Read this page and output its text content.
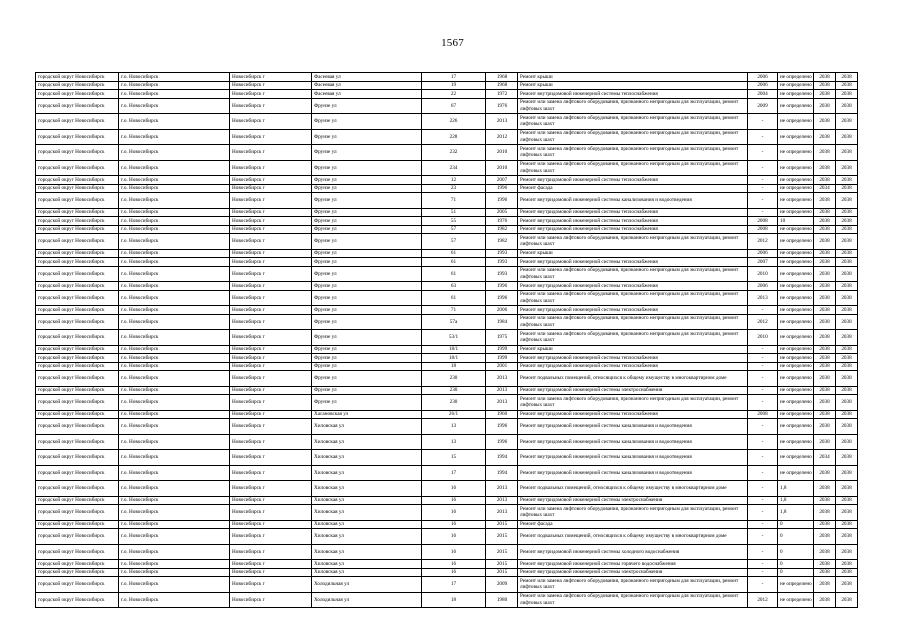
1567
городской округ Новосибирск	г.о. Новосибирск	Новосибирск г	Фасеевая ул	17	1968	Ремонт крыши	2006	не определено	2038	2038
городской округ Новосибирск	г.о. Новосибирск	Новосибирск г	Фасеевая ул	19	1968	Ремонт крыши	2006	не определено	2038	2038
городской округ Новосибирск	г.о. Новосибирск	Новосибирск г	Фасеевая ул	22	1972	Ремонт внутридомовой инженерной системы теплоснабжения	2004	не определено	2038	2038
городской округ Новосибирск	г.о. Новосибирск	Новосибирск г	Фрунзе ул	67	1976	Ремонт или замена лифтового оборудования, признанного непригодным для эксплуатации, ремонт лифтовых шахт	2009	не определено	2038	2038
городской округ Новосибирск	г.о. Новосибирск	Новосибирск г	Фрунзе ул	226	2013	Ремонт или замена лифтового оборудования, признанного непригодным для эксплуатации, ремонт лифтовых шахт	-	не определено	2038	2038
городской округ Новосибирск	г.о. Новосибирск	Новосибирск г	Фрунзе ул	228	2012	Ремонт или замена лифтового оборудования, признанного непригодным для эксплуатации, ремонт лифтовых шахт	-	не определено	2038	2038
городской округ Новосибирск	г.о. Новосибирск	Новосибирск г	Фрунзе ул	232	2010	Ремонт или замена лифтового оборудования, признанного непригодным для эксплуатации, ремонт лифтовых шахт	-	не определено	2038	2038
городской округ Новосибирск	г.о. Новосибирск	Новосибирск г	Фрунзе ул	234	2010	Ремонт или замена лифтового оборудования, признанного непригодным для эксплуатации, ремонт лифтовых шахт	-	не определено	2038	2038
городской округ Новосибирск	г.о. Новосибирск	Новосибирск г	Фрунзе ул	12	2007	Ремонт внутридомовой инженерной системы теплоснабжения	-	не определено	2038	2038
городской округ Новосибирск	г.о. Новосибирск	Новосибирск г	Фрунзе ул	23	1996	Ремонт фасада	-	не определено	2034	2038
городской округ Новосибирск	г.о. Новосибирск	Новосибирск г	Фрунзе ул	71	1996	Ремонт внутридомовой инженерной системы канализования и водоотведения	-	не определено	2038	2038
городской округ Новосибирск	г.о. Новосибирск	Новосибирск г	Фрунзе ул	51	2005	Ремонт внутридомовой инженерной системы теплоснабжения	-	не определено	2038	2038
городской округ Новосибирск	г.о. Новосибирск	Новосибирск г	Фрунзе ул	55	1976	Ремонт внутридомовой инженерной системы теплоснабжения	2008	10	2038	2038
городской округ Новосибирск	г.о. Новосибирск	Новосибирск г	Фрунзе ул	57	1982	Ремонт внутридомовой инженерной системы теплоснабжения	2008	не определено	2038	2038
городской округ Новосибирск	г.о. Новосибирск	Новосибирск г	Фрунзе ул	57	1982	Ремонт или замена лифтового оборудования, признанного непригодным для эксплуатации, ремонт лифтовых шахт	2012	не определено	2038	2038
городской округ Новосибирск	г.о. Новосибирск	Новосибирск г	Фрунзе ул	61	1993	Ремонт крыши	2006	не определено	2038	2038
городской округ Новосибирск	г.о. Новосибирск	Новосибирск г	Фрунзе ул	61	1993	Ремонт внутридомовой инженерной системы теплоснабжения	2007	не определено	2038	2038
городской округ Новосибирск	г.о. Новосибирск	Новосибирск г	Фрунзе ул	61	1993	Ремонт или замена лифтового оборудования, признанного непригодным для эксплуатации, ремонт лифтовых шахт	2010	не определено	2038	2038
городской округ Новосибирск	г.о. Новосибирск	Новосибирск г	Фрунзе ул	63	1996	Ремонт внутридомовой инженерной системы теплоснабжения	2006	не определено	2038	2038
городской округ Новосибирск	г.о. Новосибирск	Новосибирск г	Фрунзе ул	61	1996	Ремонт или замена лифтового оборудования, признанного непригодным для эксплуатации, ремонт лифтовых шахт	2013	не определено	2038	2038
городской округ Новосибирск	г.о. Новосибирск	Новосибирск г	Фрунзе ул	71	2006	Ремонт внутридомовой инженерной системы теплоснабжения	-	не определено	2038	2038
городской округ Новосибирск	г.о. Новосибирск	Новосибирск г	Фрунзе ул	57а	1984	Ремонт или замена лифтового оборудования, признанного непригодным для эксплуатации, ремонт лифтовых шахт	2012	не определено	2038	2038
городской округ Новосибирск	г.о. Новосибирск	Новосибирск г	Фрунзе ул	53/1	1975	Ремонт или замена лифтового оборудования, признанного непригодным для эксплуатации, ремонт лифтовых шахт	2010	не определено	2038	2038
городской округ Новосибирск	г.о. Новосибирск	Новосибирск г	Фрунзе ул	18/1	1999	Ремонт крыши	-	не определено	2038	2038
городской округ Новосибирск	г.о. Новосибирск	Новосибирск г	Фрунзе ул	18/1	1999	Ремонт внутридомовой инженерной системы теплоснабжения	-	не определено	2038	2038
городской округ Новосибирск	г.о. Новосибирск	Новосибирск г	Фрунзе ул	18	2001	Ремонт внутридомовой инженерной системы теплоснабжения	-	не определено	2038	2038
городской округ Новосибирск	г.о. Новосибирск	Новосибирск г	Фрунзе ул	230	2013	Ремонт подвальных помещений, относящихся к общему имуществу в многоквартирном доме	-	не определено	2038	2038
городской округ Новосибирск	г.о. Новосибирск	Новосибирск г	Фрунзе ул	230	2013	Ремонт внутридомовой инженерной системы электроснабжения	-	не определено	2038	2038
городской округ Новосибирск	г.о. Новосибирск	Новосибирск г	Фрунзе ул	230	2013	Ремонт или замена лифтового оборудования, признанного непригодным для эксплуатации, ремонт лифтовых шахт	-	не определено	2038	2038
городской округ Новосибирск	г.о. Новосибирск	Новосибирск г	Хасановская ул	26/1	1960	Ремонт внутридомовой инженерной системы теплоснабжения	2008	не определено	2038	2038
городской округ Новосибирск	г.о. Новосибирск	Новосибирск г	Хиловская ул	13	1996	Ремонт внутридомовой инженерной системы канализования и водоотведения	-	не определено	2038	2038
городской округ Новосибирск	г.о. Новосибирск	Новосибирск г	Хиловская ул	13	1996	Ремонт внутридомовой инженерной системы канализования и водоотведения	-	не определено	2038	2038
городской округ Новосибирск	г.о. Новосибирск	Новосибирск г	Хиловская ул	15	1994	Ремонт внутридомовой инженерной системы канализования и водоотведения	-	не определено	2034	2038
городской округ Новосибирск	г.о. Новосибирск	Новосибирск г	Хиловская ул	17	1994	Ремонт внутридомовой инженерной системы канализования и водоотведения	-	не определено	2038	2038
городской округ Новосибирск	г.о. Новосибирск	Новосибирск г	Хиловская ул	16	2013	Ремонт подвальных помещений, относящихся к общему имуществу в многоквартирном доме	-	1,8	2038	2038
городской округ Новосибирск	г.о. Новосибирск	Новосибирск г	Хиловская ул	16	2013	Ремонт внутридомовой инженерной системы электроснабжения	-	1,8	2038	2038
городской округ Новосибирск	г.о. Новосибирск	Новосибирск г	Хиловская ул	16	2013	Ремонт или замена лифтового оборудования, признанного непригодным для эксплуатации, ремонт лифтовых шахт	-	1,8	2038	2038
городской округ Новосибирск	г.о. Новосибирск	Новосибирск г	Хиловская ул	16	2015	Ремонт фасада	-	0	2038	2038
городской округ Новосибирск	г.о. Новосибирск	Новосибирск г	Хиловская ул	16	2015	Ремонт подвальных помещений, относящихся к общему имуществу в многоквартирном доме	-	0	2038	2038
городской округ Новосибирск	г.о. Новосибирск	Новосибирск г	Хиловская ул	16	2015	Ремонт внутридомовой инженерной системы холодного водоснабжения	-	0	2038	2038
городской округ Новосибирск	г.о. Новосибирск	Новосибирск г	Хиловская ул	16	2015	Ремонт внутридомовой инженерной системы горячего водоснабжения	-	0	2038	2038
городской округ Новосибирск	г.о. Новосибирск	Новосибирск г	Хиловская ул	16	2015	Ремонт внутридомовой инженерной системы электроснабжения	-	0	2038	2038
городской округ Новосибирск	г.о. Новосибирск	Новосибирск г	Холодильная ул	17	2009	Ремонт или замена лифтового оборудования, признанного непригодным для эксплуатации, ремонт лифтовых шахт	-	не определено	2038	2038
городской округ Новосибирск	г.о. Новосибирск	Новосибирск г	Холодильная ул	18	1980	Ремонт или замена лифтового оборудования, признанного непригодным для эксплуатации, ремонт лифтовых шахт	2012	не определено	2038	2038
